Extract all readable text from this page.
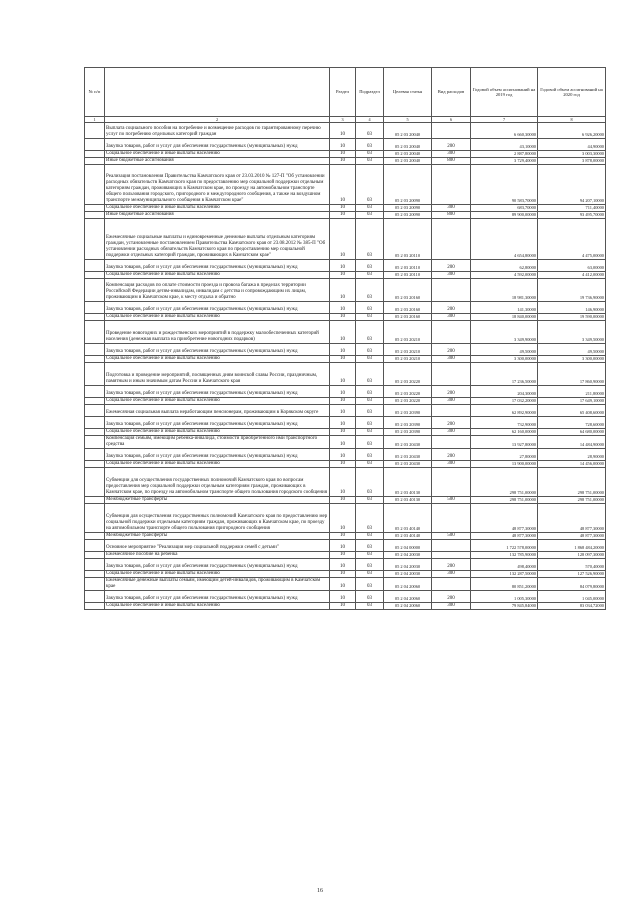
№ п/п		Раздел	Подраздел	Целевая статья	Вид расходов	Годовой объем ассигнований на 2019 год	Годовой объем ассигнований на 2020 год
1	2	3	4	5	6	7	8
	Выплата социального пособия на погребение и возмещение расходов по гарантированному перечню услуг по погребению отдельных категорий граждан	10	03	05 2 03 20040		6 660,30000	6 926,20000
	Закупка товаров, работ и услуг для обеспечения государственных (муниципальных) нужд	10	03	05 2 03 20040	200	43,10000	44,90000
	Социальное обеспечение и иные выплаты населению	10	03	05 2 03 20040	300	2 887,80000	3 003,30000
	Иные бюджетные ассигнования	10	03	05 2 03 20040	800	3 729,40000	3 878,00000
	Реализация постановления Правительства Камчатского края от 23.03.2010 № 127-П "Об установлении расходных обязательств Камчатского края по предоставлению мер социальной поддержки отдельным категориям граждан, проживающих в Камчатском крае, по проезду на автомобильном транспорте общего пользования городского, пригородного и междугородного сообщения, а также на воздушном транспорте межмуниципального сообщения в Камчатском крае"	10	03	05 2 03 20090		90 583,70000	94 207,10000
	Социальное обеспечение и иные выплаты населению	10	03	05 2 03 20090	300	683,70000	711,40000
	Иные бюджетные ассигнования	10	03	05 2 03 20090	800	89 900,00000	93 495,70000
	Ежемесячные социальные выплаты и единовременные денежные выплаты отдельным категориям граждан, установленные постановлением Правительства Камчатского края от 23.08.2012 № 385-П "Об установлении расходных обязательств Камчатского края по предоставлению мер социальной поддержки отдельных категорий граждан, проживающих в Камчатском крае"	10	03	05 2 03 20110		4 654,80000	4 475,00000
	Закупка товаров, работ и услуг для обеспечения государственных (муниципальных) нужд	10	03	05 2 03 20110	200	62,80000	63,00000
	Социальное обеспечение и иные выплаты населению	10	03	05 2 03 20110	300	4 592,00000	4 412,00000
	Компенсация расходов по оплате стоимости проезда и провоза багажа в пределах территории Российской Федерации детям-инвалидам, инвалидам с детства и сопровождающим их лицам, проживающим в Камчатском крае, к месту отдыха и обратно	10	03	05 2 03 20160		18 981,30000	19 736,90000
	Закупка товаров, работ и услуг для обеспечения государственных (муниципальных) нужд	10	03	05 2 03 20160	200	141,30000	146,90000
	Социальное обеспечение и иные выплаты населению	10	03	05 2 03 20160	300	18 840,00000	19 590,00000
	Проведение новогодних и рождественских мероприятий в поддержку малообеспеченных категорий населения (денежная выплата на приобретение новогодних подарков)	10	03	05 2 03 20210		3 349,90000	3 349,50000
	Закупка товаров, работ и услуг для обеспечения государственных (муниципальных) нужд	10	03	05 2 03 20210	200	49,50000	49,50000
	Социальное обеспечение и иные выплаты населению	10	03	05 2 03 20210	300	3 300,00000	3 300,00000
	Подготовка и проведение мероприятий, посвященных дням воинской славы России, праздничным, памятным и иным значимым датам России и Камчатского края	10	03	05 2 03 20220		17 236,50000	17 860,90000
	Закупка товаров, работ и услуг для обеспечения государственных (муниципальных) нужд	10	03	05 2 03 20220	200	204,30000	211,80000
	Социальное обеспечение и иные выплаты населению	10	03	05 2 03 20220	300	17 032,20000	17 649,10000
	Ежемесячная социальная выплата неработающим пенсионерам, проживающим в Корякском округе	10	03	05 2 03 20390		62 892,90000	65 408,60000
	Закупка товаров, работ и услуг для обеспечения государственных (муниципальных) нужд	10	03	05 2 03 20390	200	732,90000	728,60000
	Социальное обеспечение и иные выплаты населению	10	03	05 2 03 20390	300	62 160,00000	64 680,00000
	Компенсация семьям, имеющим ребенка-инвалида, стоимости приобретенного ими транспортного средства	10	03	05 2 03 20430		13 927,80000	14 484,90000
	Закупка товаров, работ и услуг для обеспечения государственных (муниципальных) нужд	10	03	05 2 03 20430	200	27,80000	28,90000
	Социальное обеспечение и иные выплаты населению	10	03	05 2 03 20430	300	13 900,00000	14 456,00000
	Субвенции для осуществления государственных полномочий Камчатского края по вопросам предоставления мер социальной поддержки отдельным категориям граждан, проживающих в Камчатском крае, по проезду на автомобильном транспорте общего пользования городского сообщения	10	03	05 2 03 40130		298 751,00000	298 751,00000
	Межбюджетные трансферты	10	03	05 2 03 40130	500	298 751,00000	298 751,00000
	Субвенция для осуществления государственных полномочий Камчатского края по предоставлению мер социальной поддержки отдельным категориям граждан, проживающих в Камчатском крае, по проезду на автомобильном транспорте общего пользования пригородного сообщения	10	03	05 2 03 40140		48 877,30000	48 877,30000
	Межбюджетные трансферты	10	03	05 2 03 40140	500	48 877,30000	48 877,30000
	Основное мероприятие "Реализация мер социальной поддержки семей с детьми"	10	03	05 2 04 00000		1 722 578,00000	1 868 484,20000
	Ежемесячное пособие на ребенка	10	03	05 2 04 20030		132 785,90000	128 097,30000
	Закупка товаров, работ и услуг для обеспечения государственных (муниципальных) нужд	10	03	05 2 04 20030	200	498,40000	570,40000
	Социальное обеспечение и иные выплаты населению	10	03	05 2 04 20030	300	132 287,50000	127 526,90000
	Ежемесячные денежные выплаты семьям, имеющим детей-инвалидов, проживающим в Камчатском крае	10	03	05 2 04 20060		80 851,20000	84 079,80000
	Закупка товаров, работ и услуг для обеспечения государственных (муниципальных) нужд	10	03	05 2 04 20060	200	1 005,30000	1 045,00000
	Социальное обеспечение и иные выплаты населению	10	03	05 2 04 20060	300	79 845,84000	83 034,72000
16
